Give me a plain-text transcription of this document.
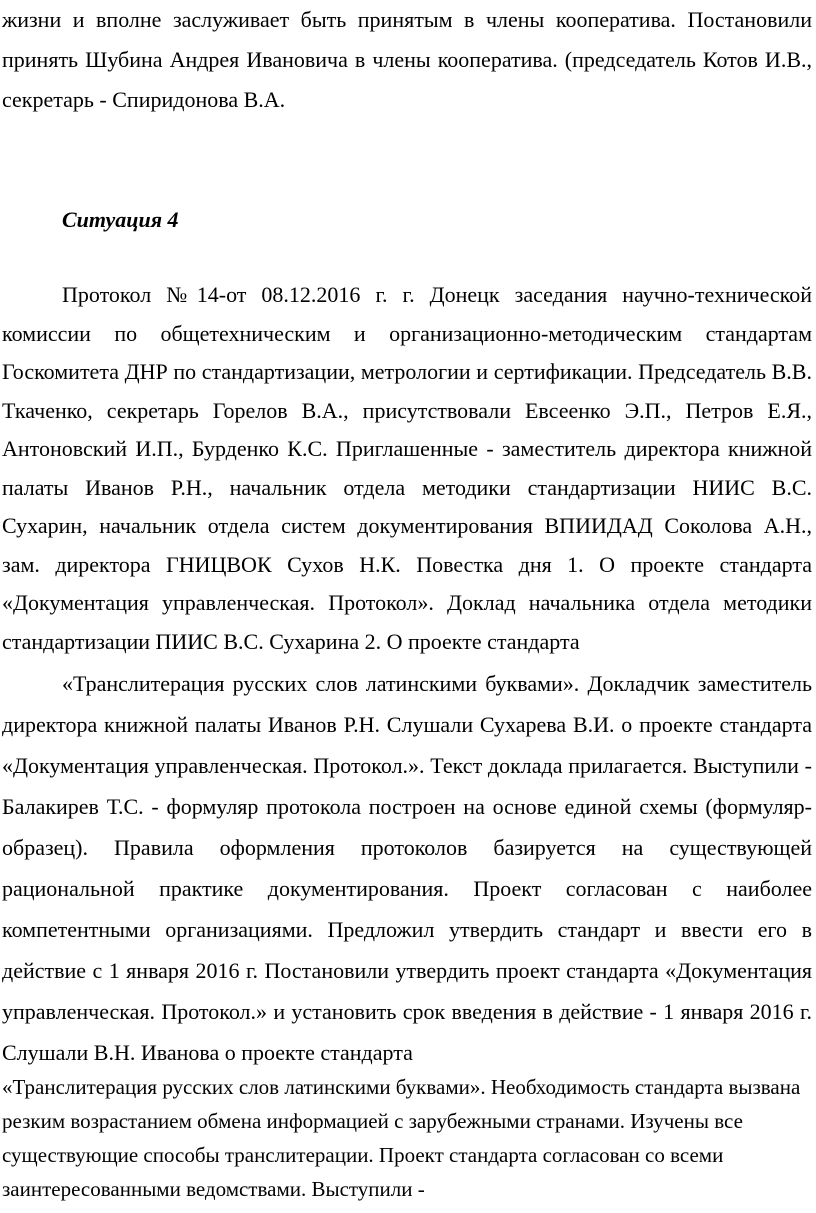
жизни и вполне заслуживает быть принятым в члены кооператива. Постановили принять Шубина Андрея Ивановича в члены кооператива. (председатель Котов И.В., секретарь - Спиридонова В.А.

Ситуация 4

Протокол №14-от 08.12.2016 г. г. Донецк заседания научно-технической комиссии по общетехническим и организационно-методическим стандартам Госкомитета ДНР по стандартизации, метрологии и сертификации. Председатель В.В. Ткаченко, секретарь Горелов В.А., присутствовали Евсеенко Э.П., Петров Е.Я., Антоновский И.П., Бурденко К.С. Приглашенные - заместитель директора книжной палаты Иванов Р.Н., начальник отдела методики стандартизации НИИС В.С. Сухарин, начальник отдела систем документирования ВПИИДАД Соколова А.Н., зам. директора ГНИЦВОК Сухов Н.К. Повестка дня 1. О проекте стандарта «Документация управленческая. Протокол». Доклад начальника отдела методики стандартизации ПИИС В.С. Сухарина 2. О проекте стандарта

«Транслитерация русских слов латинскими буквами». Докладчик заместитель директора книжной палаты Иванов Р.Н. Слушали Сухарева В.И. о проекте стандарта «Документация управленческая. Протокол.». Текст доклада прилагается. Выступили - Балакирев Т.С. - формуляр протокола построен на основе единой схемы (формуляр-образец). Правила оформления протоколов базируется на существующей рациональной практике документирования. Проект согласован с наиболее компетентными организациями. Предложил утвердить стандарт и ввести его в действие с 1 января 2016 г. Постановили утвердить проект стандарта «Документация управленческая. Протокол.» и установить срок введения в действие - 1 января 2016 г. Слушали В.Н. Иванова о проекте стандарта

«Транслитерация русских слов латинскими буквами». Необходимость стандарта вызвана резким возрастанием обмена информацией с зарубежными странами. Изучены все существующие способы транслитерации. Проект стандарта согласован со всеми заинтересованными ведомствами. Выступили -
